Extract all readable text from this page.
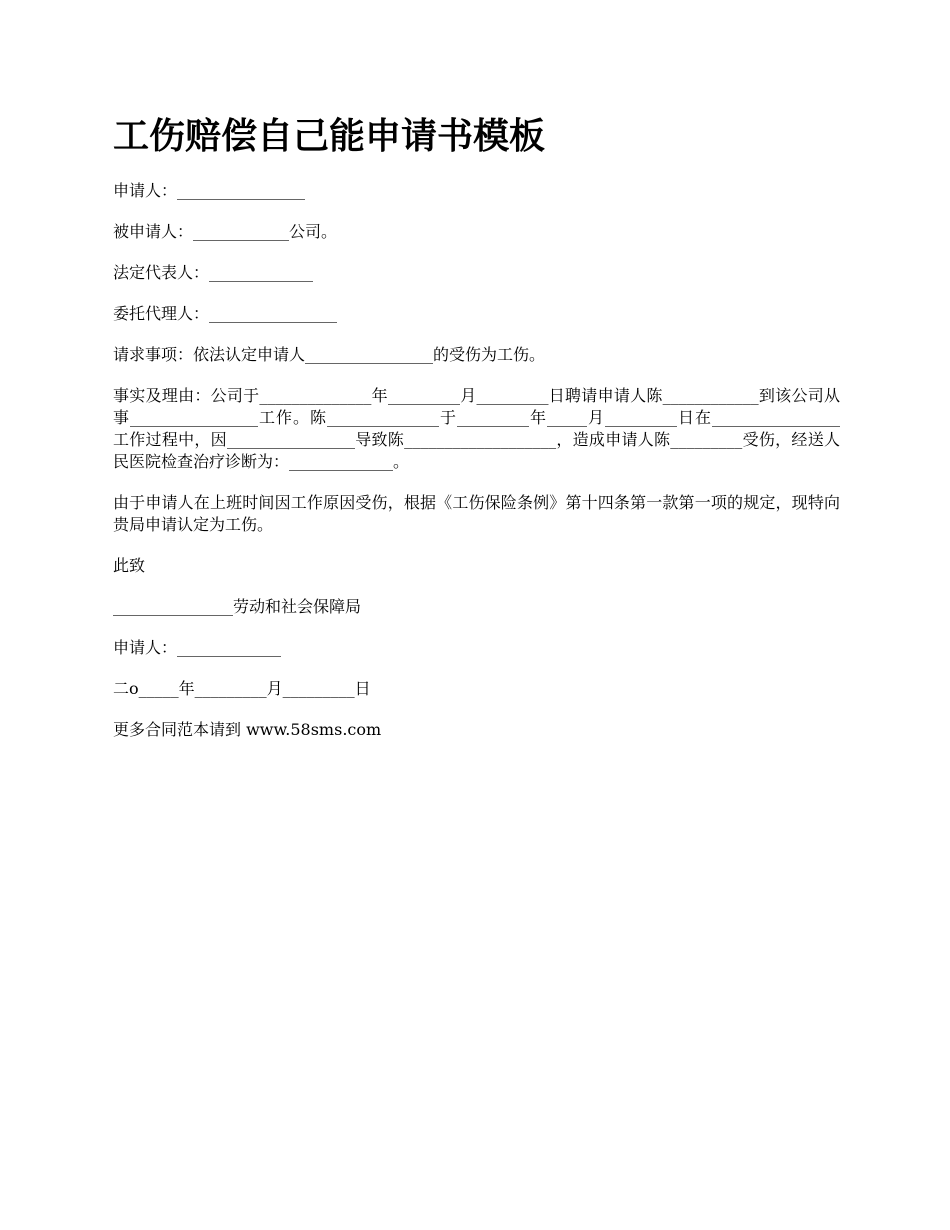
工伤赔偿自己能申请书模板

申请人：________________

被申请人：____________公司。

法定代表人：_____________

委托代理人：________________

请求事项：依法认定申请人________________的受伤为工伤。

事实及理由：公司于______________年_________月_________日聘请申请人陈____________到该公司从事________________工作。陈______________于_________年_____月_________日在________________工作过程中，因________________导致陈___________________，造成申请人陈_________受伤，经送人民医院检查治疗诊断为：_____________。

由于申请人在上班时间因工作原因受伤，根据《工伤保险条例》第十四条第一款第一项的规定，现特向贵局申请认定为工伤。

此致

_______________劳动和社会保障局

申请人：_____________

二o_____年_________月_________日

更多合同范本请到 www.58sms.com
